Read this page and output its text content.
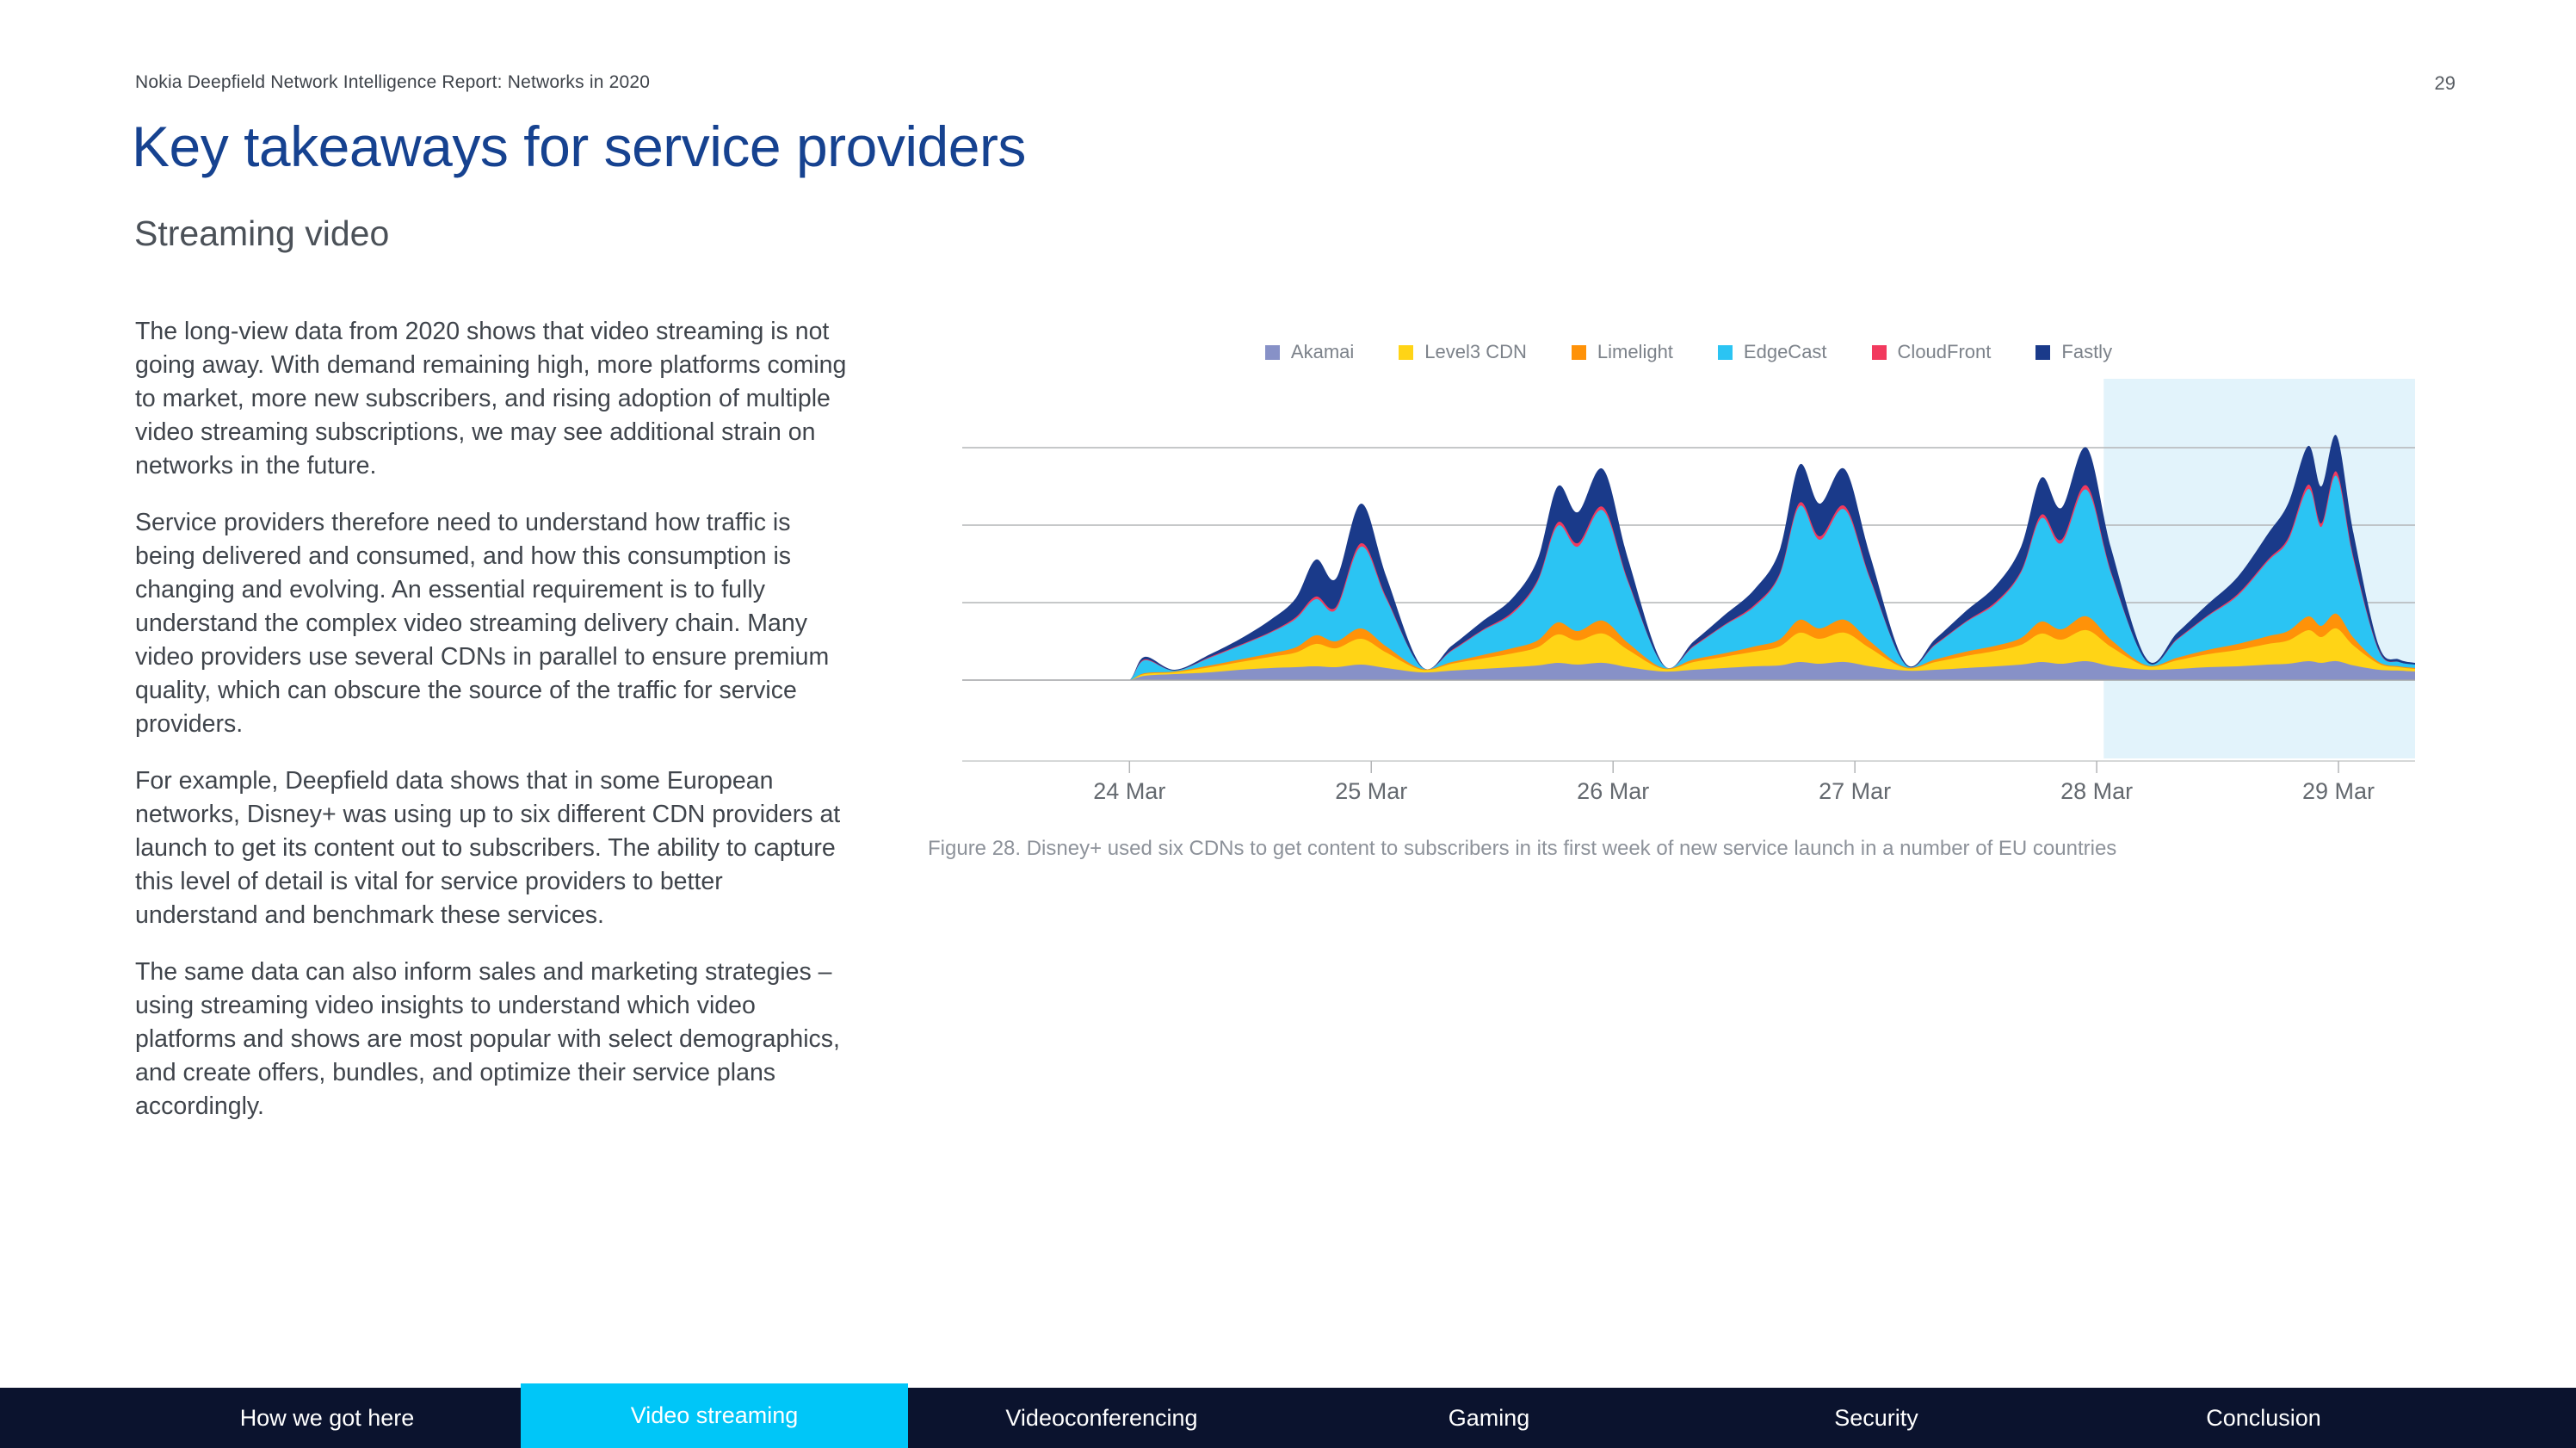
Nokia Deepfield Network Intelligence Report: Networks in 2020	29
Key takeaways for service providers
Streaming video

The long-view data from 2020 shows that video streaming is not going away. With demand remaining high, more platforms coming to market, more new subscribers, and rising adoption of multiple video streaming subscriptions, we may see additional strain on networks in the future.

Service providers therefore need to understand how traffic is being delivered and consumed, and how this consumption is changing and evolving. An essential requirement is to fully understand the complex video streaming delivery chain. Many video providers use several CDNs in parallel to ensure premium quality, which can obscure the source of the traffic for service providers.

For example, Deepfield data shows that in some European networks, Disney+ was using up to six different CDN providers at launch to get its content out to subscribers. The ability to capture this level of detail is vital for service providers to better understand and benchmark these services.

The same data can also inform sales and marketing strategies – using streaming video insights to understand which video platforms and shows are most popular with select demographics, and create offers, bundles, and optimize their service plans accordingly.

Akamai	Level3 CDN	Limelight	EdgeCast	CloudFront	Fastly
24 Mar	25 Mar	26 Mar	27 Mar	28 Mar	29 Mar
Figure 28. Disney+ used six CDNs to get content to subscribers in its first week of new service launch in a number of EU countries
How we got here	Video streaming	Videoconferencing	Gaming	Security	Conclusion
